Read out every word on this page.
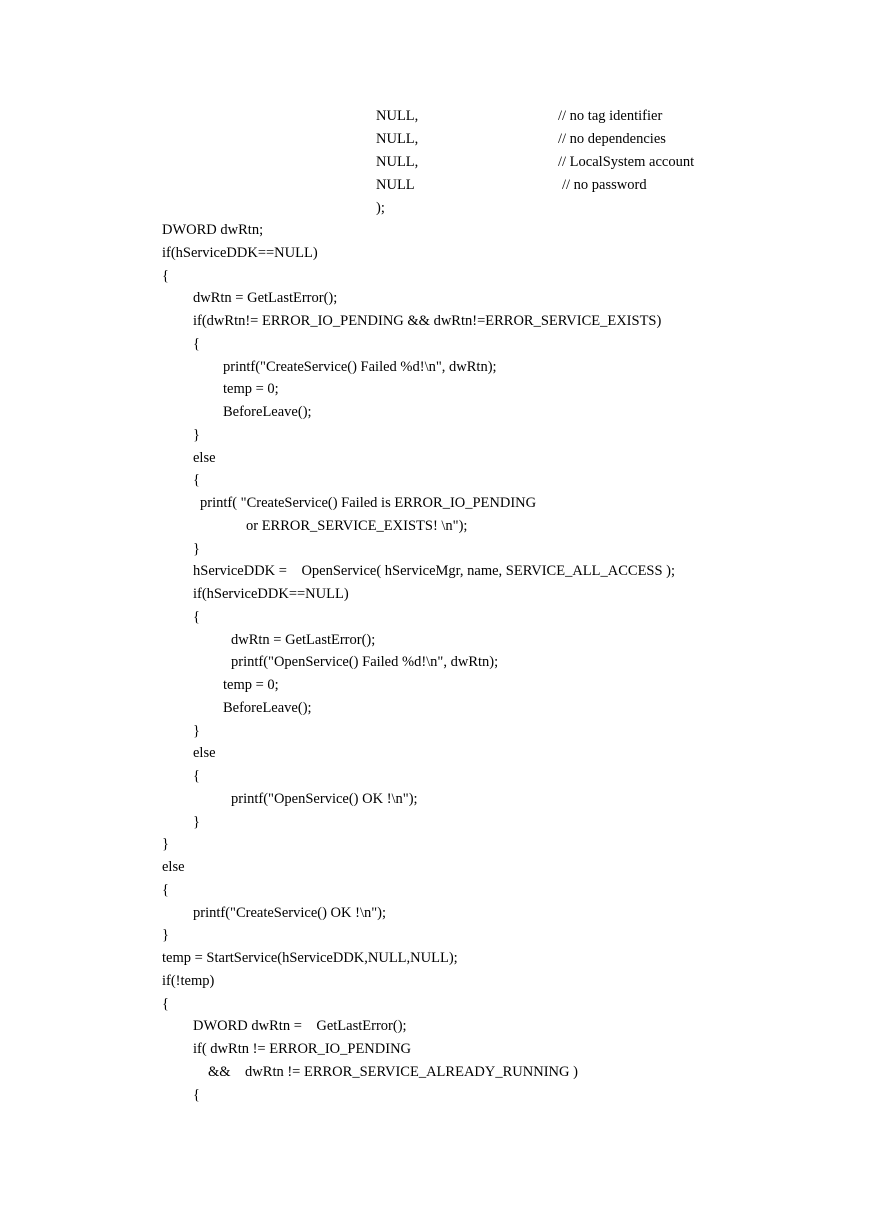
NULL,	// no tag identifier
NULL,	// no dependencies
NULL,	// LocalSystem account
NULL	// no password
);
DWORD dwRtn;
if(hServiceDDK==NULL)
{
dwRtn = GetLastError();
if(dwRtn!= ERROR_IO_PENDING && dwRtn!=ERROR_SERVICE_EXISTS)
{
printf("CreateService() Failed %d!\n", dwRtn);
temp = 0;
BeforeLeave();
}
else
{
printf( "CreateService() Failed is ERROR_IO_PENDING
or ERROR_SERVICE_EXISTS! \n");
}
hServiceDDK =    OpenService( hServiceMgr, name, SERVICE_ALL_ACCESS );
if(hServiceDDK==NULL)
{
dwRtn = GetLastError();
printf("OpenService() Failed %d!\n", dwRtn);
temp = 0;
BeforeLeave();
}
else
{
printf("OpenService() OK !\n");
}
}
else
{
printf("CreateService() OK !\n");
}
temp = StartService(hServiceDDK,NULL,NULL);
if(!temp)
{
DWORD dwRtn =    GetLastError();
if( dwRtn != ERROR_IO_PENDING
&&    dwRtn != ERROR_SERVICE_ALREADY_RUNNING )
{
